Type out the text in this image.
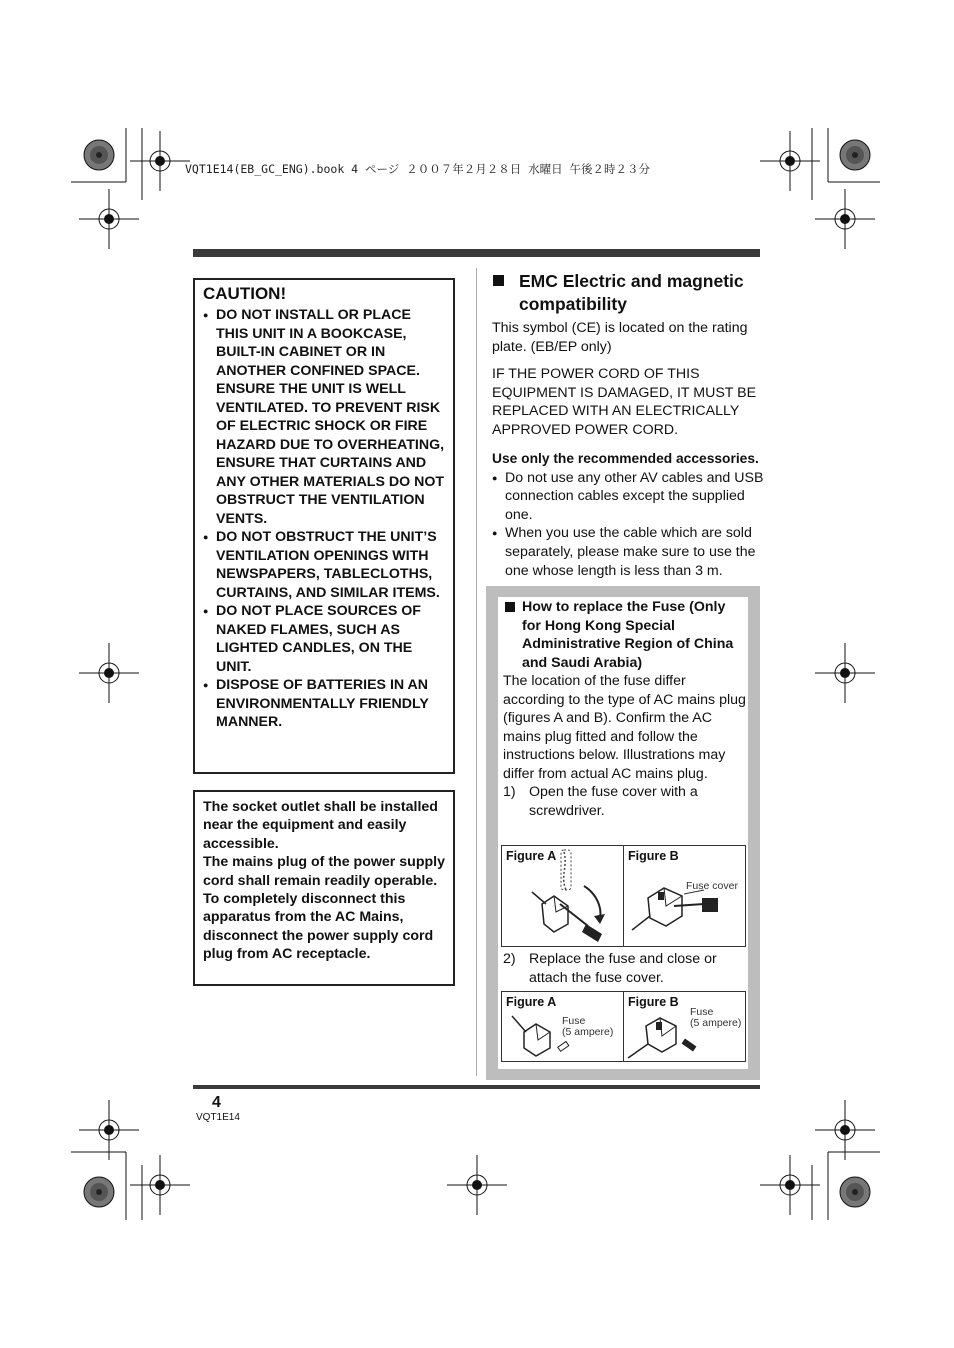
VQT1E14(EB_GC_ENG).book 4 ページ ２００７年２月２８日 水曜日 午後２時２３分
CAUTION!
● DO NOT INSTALL OR PLACE THIS UNIT IN A BOOKCASE, BUILT-IN CABINET OR IN ANOTHER CONFINED SPACE. ENSURE THE UNIT IS WELL VENTILATED. TO PREVENT RISK OF ELECTRIC SHOCK OR FIRE HAZARD DUE TO OVERHEATING, ENSURE THAT CURTAINS AND ANY OTHER MATERIALS DO NOT OBSTRUCT THE VENTILATION VENTS.
● DO NOT OBSTRUCT THE UNIT’S VENTILATION OPENINGS WITH NEWSPAPERS, TABLECLOTHS, CURTAINS, AND SIMILAR ITEMS.
● DO NOT PLACE SOURCES OF NAKED FLAMES, SUCH AS LIGHTED CANDLES, ON THE UNIT.
● DISPOSE OF BATTERIES IN AN ENVIRONMENTALLY FRIENDLY MANNER.

The socket outlet shall be installed near the equipment and easily accessible.

The mains plug of the power supply cord shall remain readily operable.

To completely disconnect this apparatus from the AC Mains, disconnect the power supply cord plug from AC receptacle.

EMC Electric and magnetic compatibility

This symbol (CE) is located on the rating plate. (EB/EP only)

IF THE POWER CORD OF THIS EQUIPMENT IS DAMAGED, IT MUST BE REPLACED WITH AN ELECTRICALLY APPROVED POWER CORD.

Use only the recommended accessories.

● Do not use any other AV cables and USB connection cables except the supplied one.
● When you use the cable which are sold separately, please make sure to use the one whose length is less than 3 m.
How to replace the Fuse (Only for Hong Kong Special Administrative Region of China and Saudi Arabia)

The location of the fuse differ according to the type of AC mains plug (figures A and B). Confirm the AC mains plug fitted and follow the instructions below. Illustrations may differ from actual AC mains plug.

1) Open the fuse cover with a screwdriver.

Figure A	Figure B
Fuse cover

2) Replace the fuse and close or attach the fuse cover.

Figure A
Fuse
(5 ampere)
Figure B
Fuse
(5 ampere)
4
VQT1E14
